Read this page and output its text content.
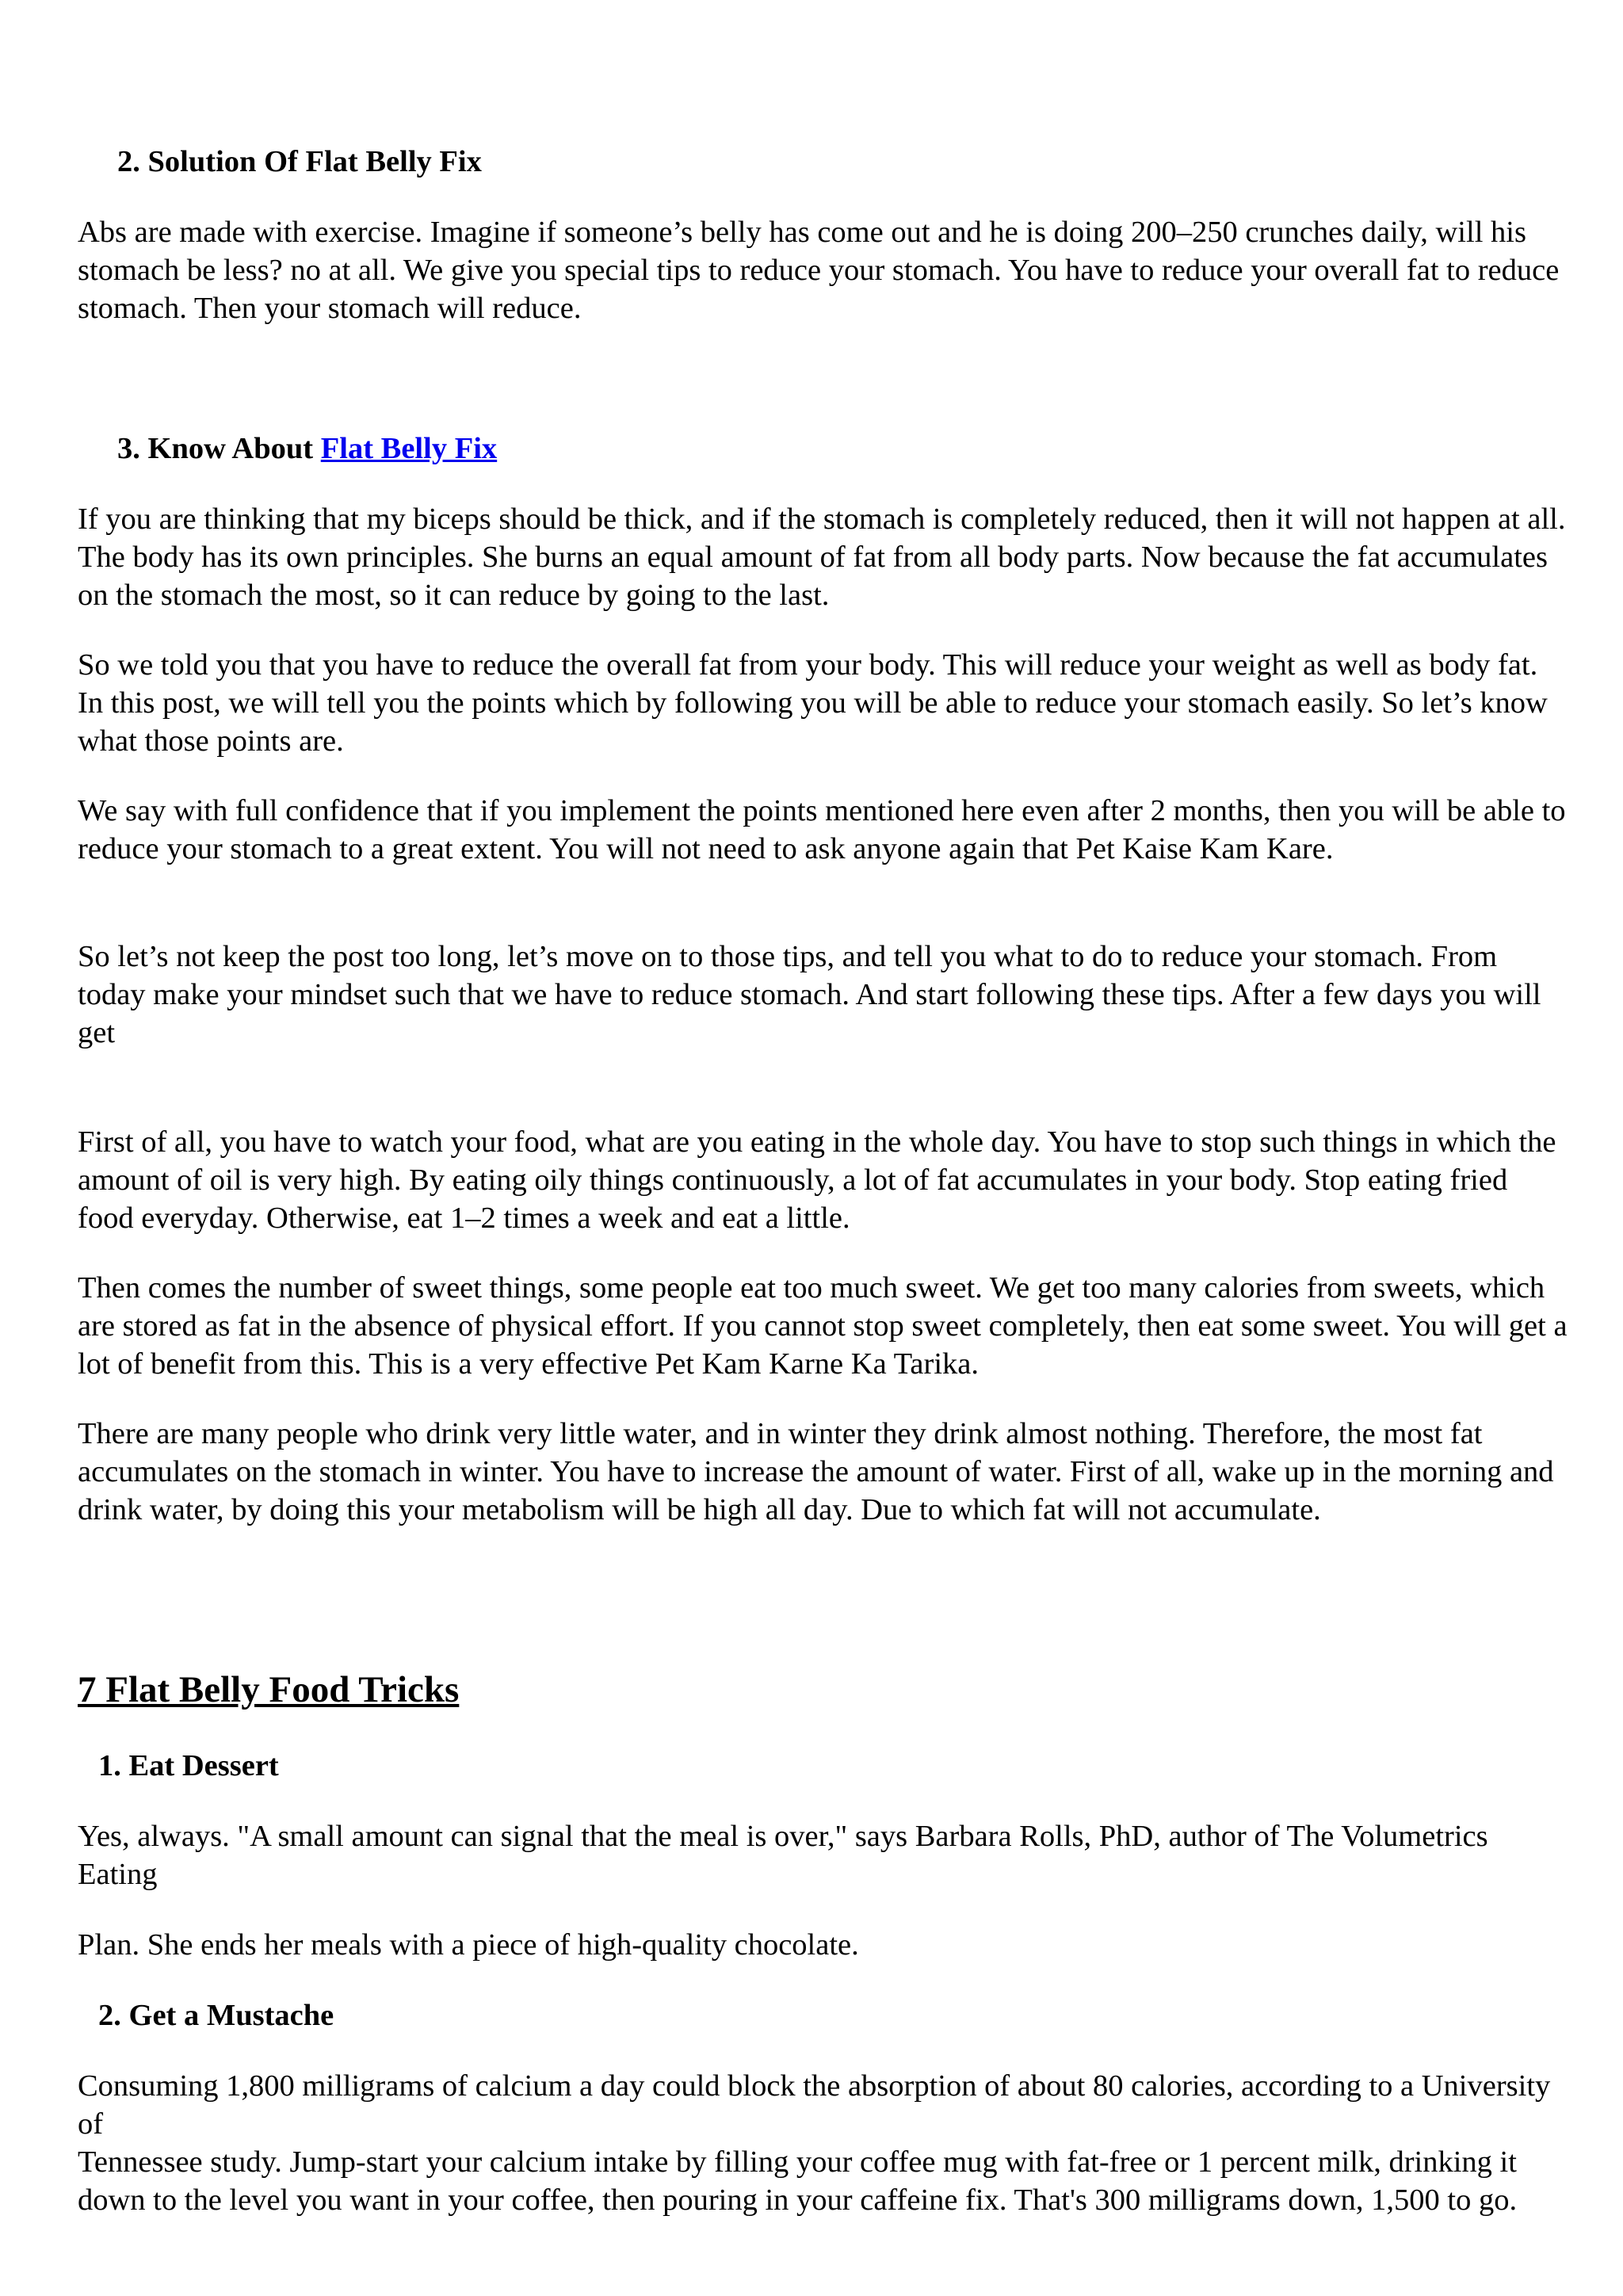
2. Solution Of Flat Belly Fix

Abs are made with exercise. Imagine if someone’s belly has come out and he is doing 200–250 crunches daily, will his stomach be less? no at all. We give you special tips to reduce your stomach. You have to reduce your overall fat to reduce stomach. Then your stomach will reduce.

3. Know About Flat Belly Fix

If you are thinking that my biceps should be thick, and if the stomach is completely reduced, then it will not happen at all. The body has its own principles. She burns an equal amount of fat from all body parts. Now because the fat accumulates on the stomach the most, so it can reduce by going to the last.

So we told you that you have to reduce the overall fat from your body. This will reduce your weight as well as body fat. In this post, we will tell you the points which by following you will be able to reduce your stomach easily. So let’s know what those points are.

We say with full confidence that if you implement the points mentioned here even after 2 months, then you will be able to reduce your stomach to a great extent. You will not need to ask anyone again that Pet Kaise Kam Kare.

So let’s not keep the post too long, let’s move on to those tips, and tell you what to do to reduce your stomach. From today make your mindset such that we have to reduce stomach. And start following these tips. After a few days you will get

First of all, you have to watch your food, what are you eating in the whole day. You have to stop such things in which the amount of oil is very high. By eating oily things continuously, a lot of fat accumulates in your body. Stop eating fried food everyday. Otherwise, eat 1–2 times a week and eat a little.

Then comes the number of sweet things, some people eat too much sweet. We get too many calories from sweets, which are stored as fat in the absence of physical effort. If you cannot stop sweet completely, then eat some sweet. You will get a lot of benefit from this. This is a very effective Pet Kam Karne Ka Tarika.

There are many people who drink very little water, and in winter they drink almost nothing. Therefore, the most fat accumulates on the stomach in winter. You have to increase the amount of water. First of all, wake up in the morning and drink water, by doing this your metabolism will be high all day. Due to which fat will not accumulate.

7 Flat Belly Food Tricks
1. Eat Dessert

Yes, always. "A small amount can signal that the meal is over," says Barbara Rolls, PhD, author of The Volumetrics Eating

Plan. She ends her meals with a piece of high-quality chocolate.

2. Get a Mustache
Consuming 1,800 milligrams of calcium a day could block the absorption of about 80 calories, according to a University of
Tennessee study. Jump-start your calcium intake by filling your coffee mug with fat-free or 1 percent milk, drinking it down to the level you want in your coffee, then pouring in your caffeine fix. That's 300 milligrams down, 1,500 to go.
